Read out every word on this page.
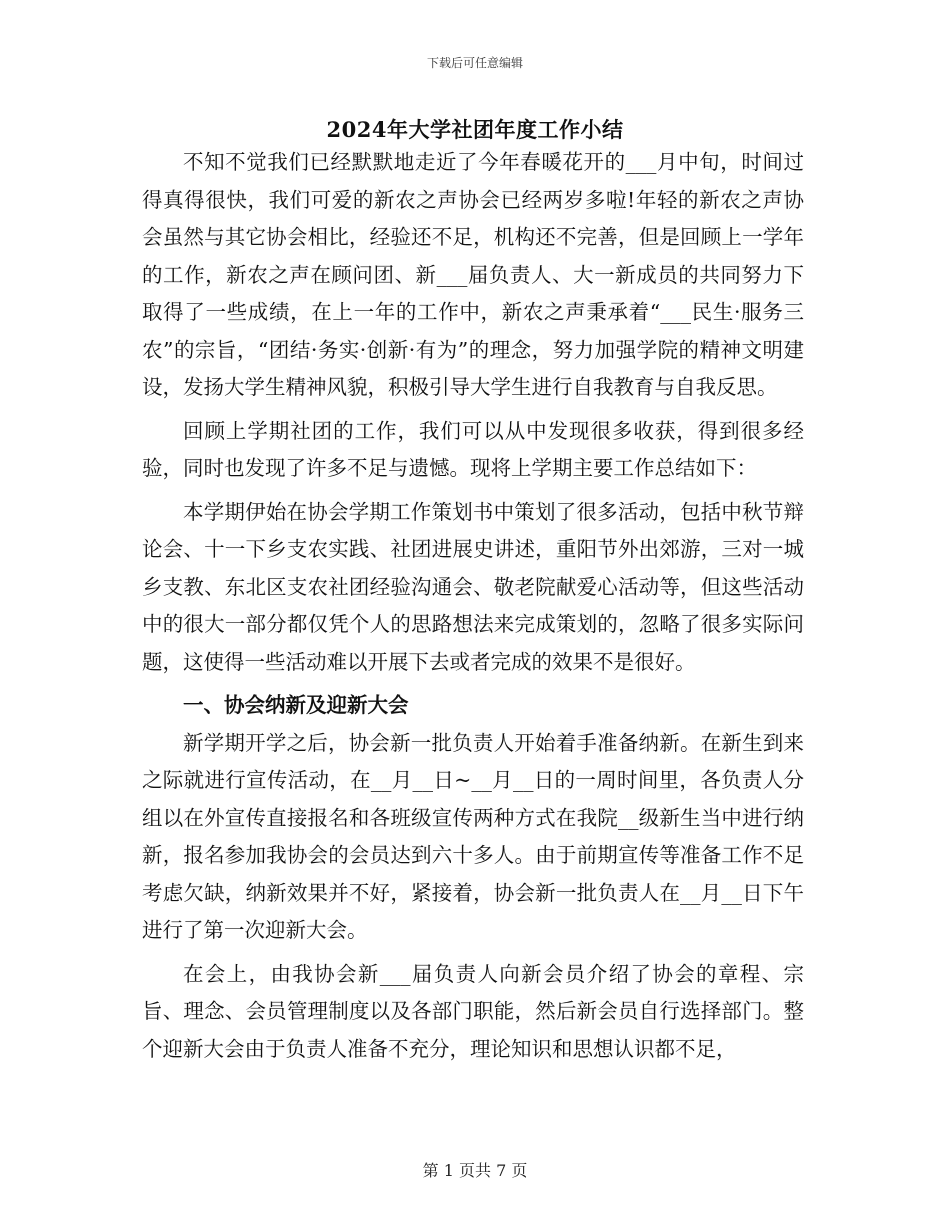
下载后可任意编辑
2024年大学社团年度工作小结

不知不觉我们已经默默地走近了今年春暖花开的___月中旬，时间过得真得很快，我们可爱的新农之声协会已经两岁多啦!年轻的新农之声协会虽然与其它协会相比，经验还不足，机构还不完善，但是回顾上一学年的工作，新农之声在顾问团、新___届负责人、大一新成员的共同努力下取得了一些成绩，在上一年的工作中，新农之声秉承着“___民生·服务三农”的宗旨，“团结·务实·创新·有为”的理念，努力加强学院的精神文明建设，发扬大学生精神风貌，积极引导大学生进行自我教育与自我反思。

回顾上学期社团的工作，我们可以从中发现很多收获，得到很多经验，同时也发现了许多不足与遗憾。现将上学期主要工作总结如下：

本学期伊始在协会学期工作策划书中策划了很多活动，包括中秋节辩论会、十一下乡支农实践、社团进展史讲述，重阳节外出郊游，三对一城乡支教、东北区支农社团经验沟通会、敬老院献爱心活动等，但这些活动中的很大一部分都仅凭个人的思路想法来完成策划的，忽略了很多实际问题，这使得一些活动难以开展下去或者完成的效果不是很好。

一、协会纳新及迎新大会

新学期开学之后，协会新一批负责人开始着手准备纳新。在新生到来之际就进行宣传活动，在__月__日~__月__日的一周时间里，各负责人分组以在外宣传直接报名和各班级宣传两种方式在我院__级新生当中进行纳新，报名参加我协会的会员达到六十多人。由于前期宣传等准备工作不足考虑欠缺，纳新效果并不好，紧接着，协会新一批负责人在__月__日下午进行了第一次迎新大会。

在会上，由我协会新___届负责人向新会员介绍了协会的章程、宗旨、理念、会员管理制度以及各部门职能，然后新会员自行选择部门。整个迎新大会由于负责人准备不充分，理论知识和思想认识都不足，

第 1 页共 7 页
